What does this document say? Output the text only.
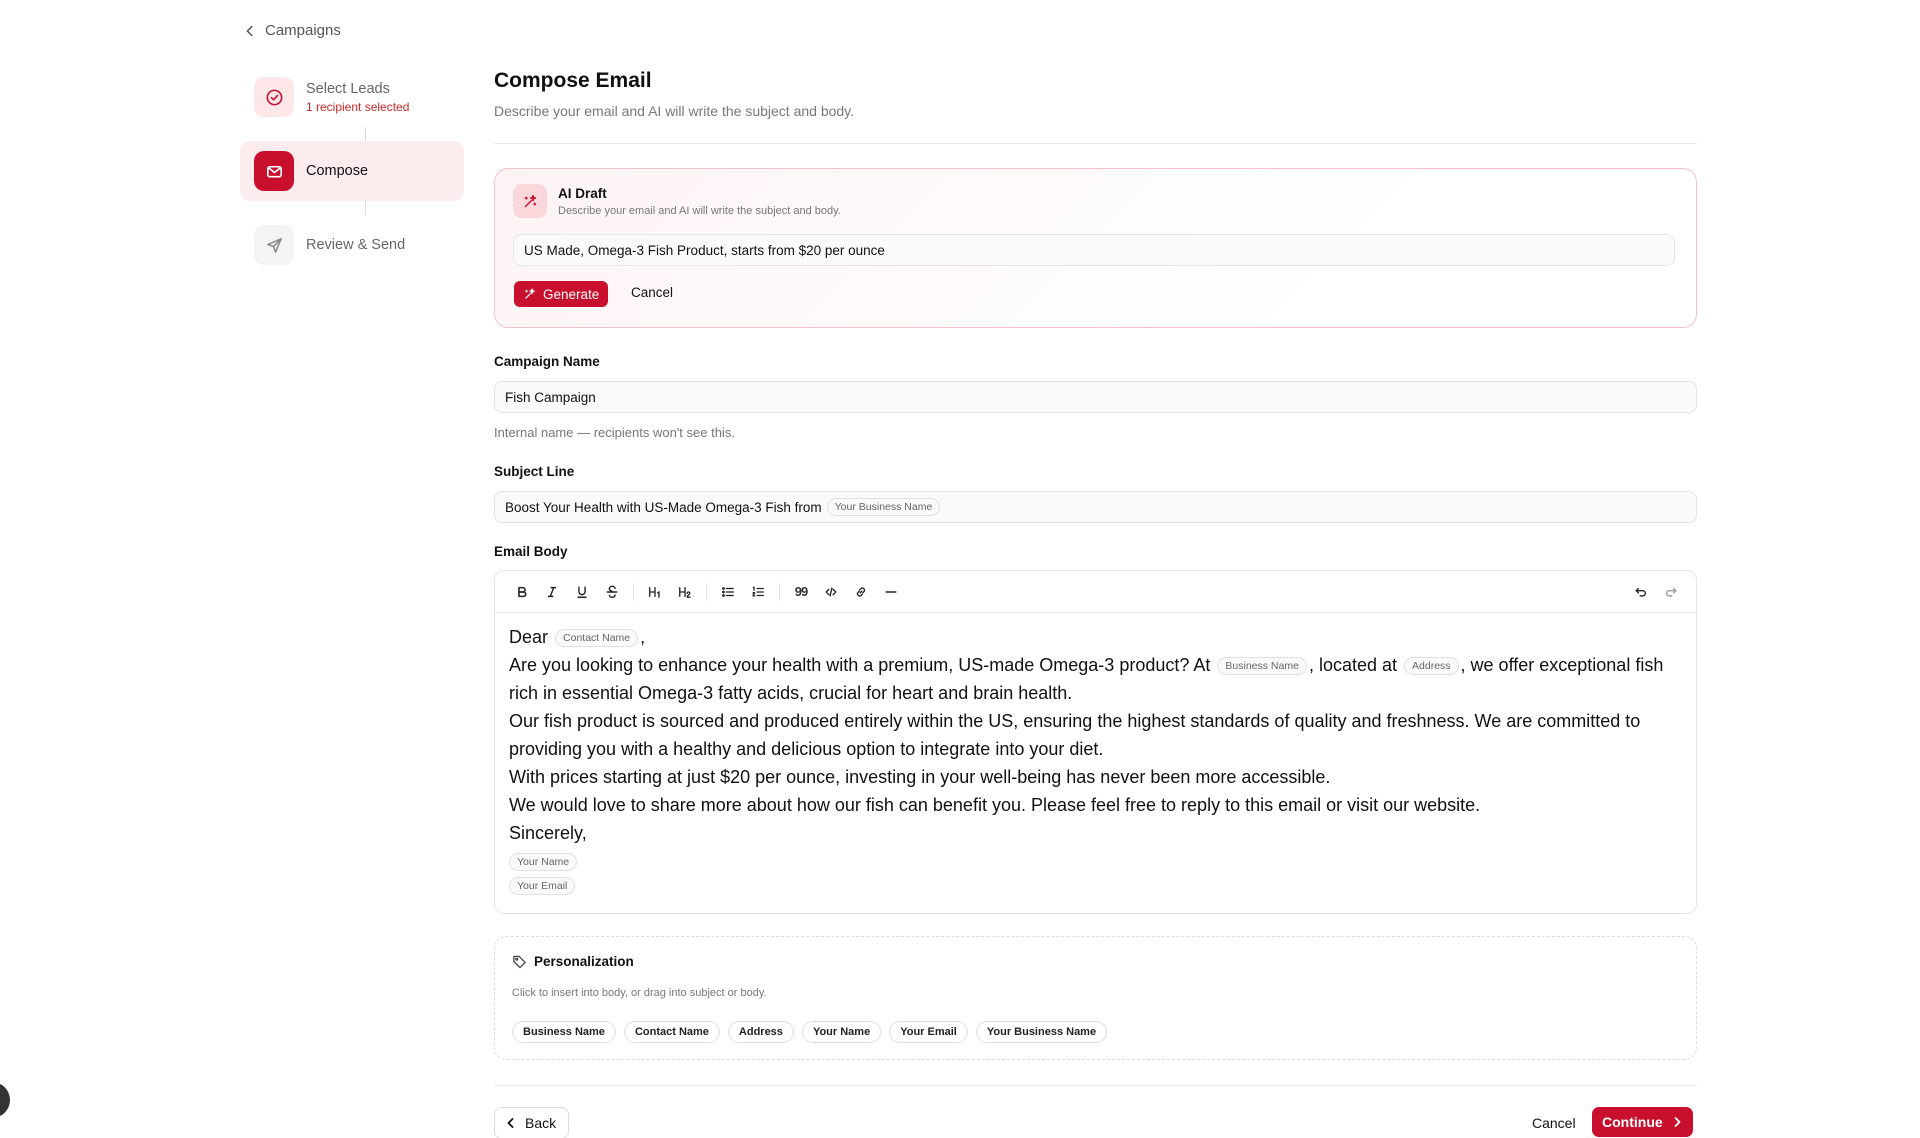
Campaigns
Select Leads
1 recipient selected
Compose
Review & Send
Compose Email
Describe your email and AI will write the subject and body.
AI Draft
Describe your email and AI will write the subject and body.
US Made, Omega-3 Fish Product, starts from $20 per ounce
Generate Cancel
Campaign Name
Fish Campaign
Internal name — recipients won't see this.
Subject Line
Boost Your Health with US-Made Omega-3 Fish from	Your Business Name
Email Body
99

Dear Contact Name ,

Are you looking to enhance your health with a premium, US-made Omega-3 product? At Business Name , located at Address , we offer exceptional fish rich in essential Omega-3 fatty acids, crucial for heart and brain health.

Our fish product is sourced and produced entirely within the US, ensuring the highest standards of quality and freshness. We are committed to providing you with a healthy and delicious option to integrate into your diet.

With prices starting at just $20 per ounce, investing in your well-being has never been more accessible.

We would love to share more about how our fish can benefit you. Please feel free to reply to this email or visit our website.

Sincerely,

Your Name

Your Email

Personalization
Click to insert into body, or drag into subject or body.
Business Name	Contact Name	Address	Your Name	Your Email	Your Business Name
Back	Cancel Continue
